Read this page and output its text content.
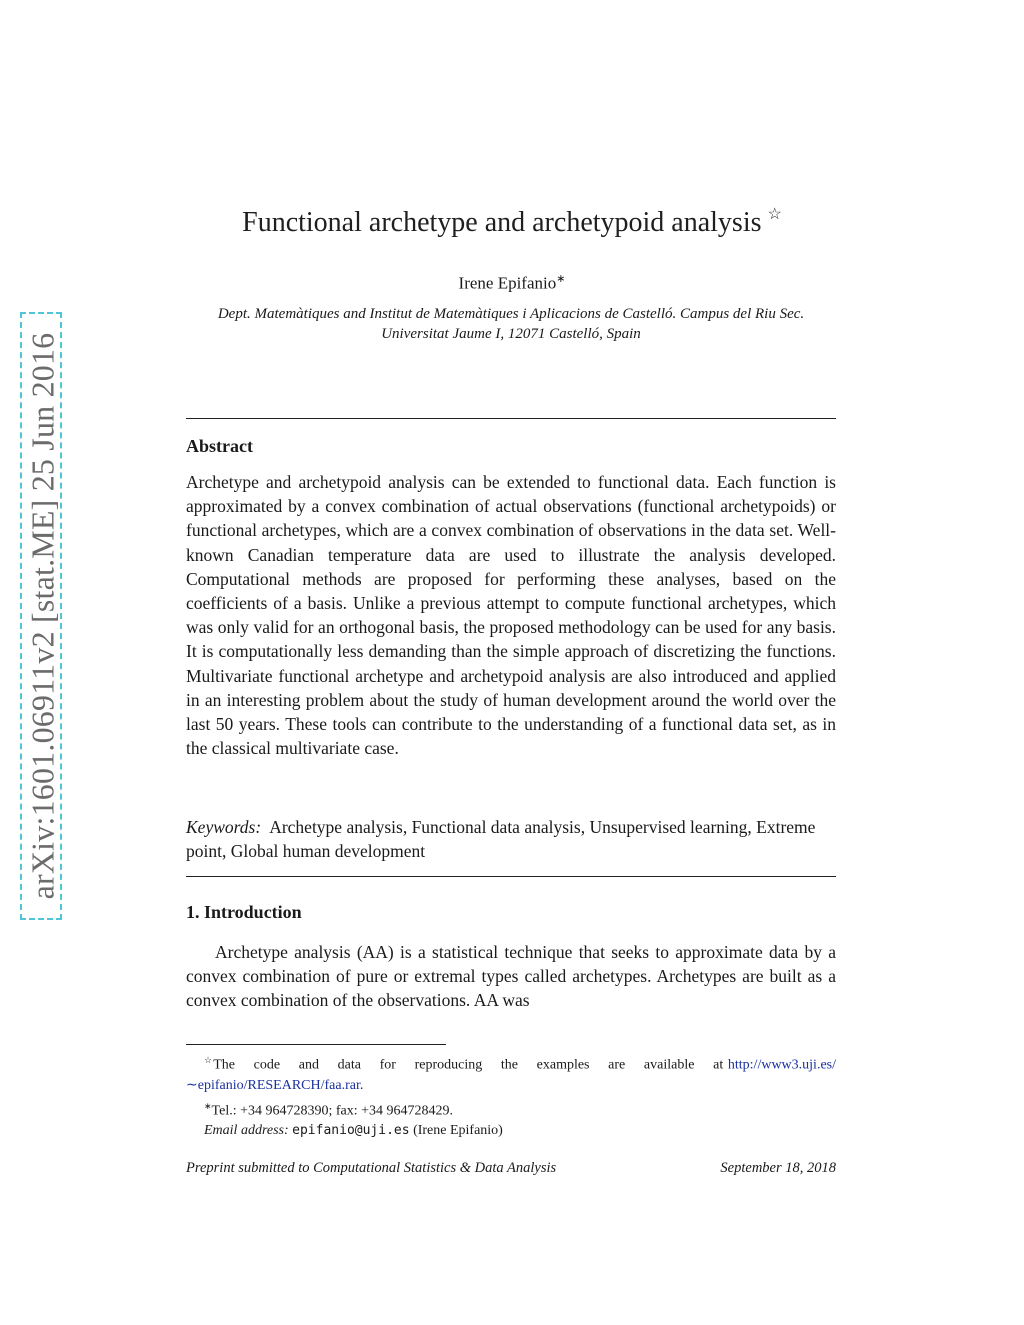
arXiv:1601.06911v2 [stat.ME] 25 Jun 2016
Functional archetype and archetypoid analysis ☆
Irene Epifanio∗
Dept. Matemàtiques and Institut de Matemàtiques i Aplicacions de Castelló. Campus del Riu Sec. Universitat Jaume I, 12071 Castelló, Spain
Abstract
Archetype and archetypoid analysis can be extended to functional data. Each function is approximated by a convex combination of actual observations (functional archetypoids) or functional archetypes, which are a convex combination of observations in the data set. Well-known Canadian temperature data are used to illustrate the analysis developed. Computational methods are proposed for performing these analyses, based on the coefficients of a basis. Unlike a previous attempt to compute functional archetypes, which was only valid for an orthogonal basis, the proposed methodology can be used for any basis. It is computationally less demanding than the simple approach of discretizing the functions. Multivariate functional archetype and archetypoid analysis are also introduced and applied in an interesting problem about the study of human development around the world over the last 50 years. These tools can contribute to the understanding of a functional data set, as in the classical multivariate case.
Keywords: Archetype analysis, Functional data analysis, Unsupervised learning, Extreme point, Global human development
1. Introduction
Archetype analysis (AA) is a statistical technique that seeks to approximate data by a convex combination of pure or extremal types called archetypes. Archetypes are built as a convex combination of the observations. AA was
☆The code and data for reproducing the examples are available at http://www3.uji.es/∼epifanio/RESEARCH/faa.rar.
∗Tel.: +34 964728390; fax: +34 964728429.
Email address: epifanio@uji.es (Irene Epifanio)
Preprint submitted to Computational Statistics & Data Analysis	September 18, 2018
